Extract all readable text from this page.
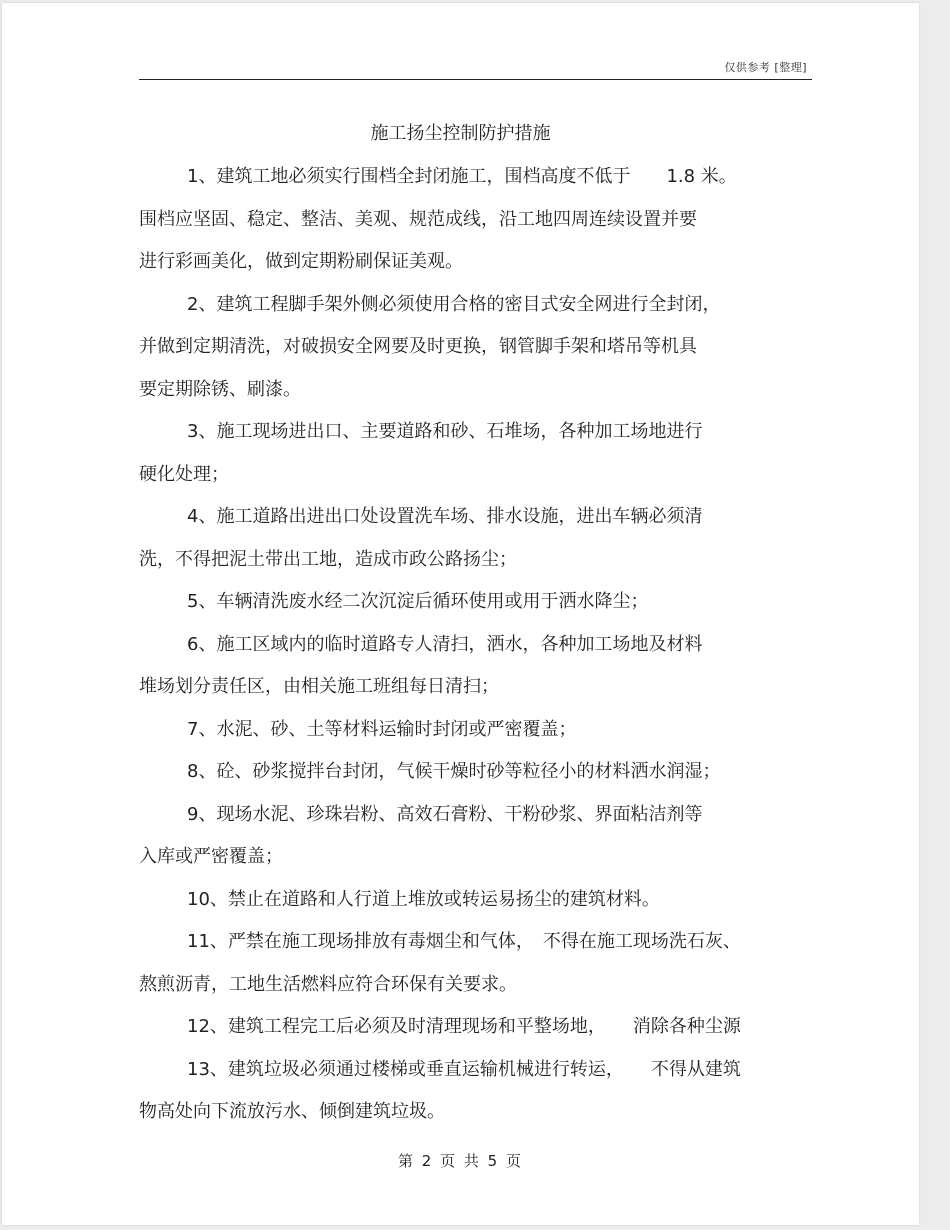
仅供参考 [整理]
施工扬尘控制防护措施
1、建筑工地必须实行围档全封闭施工，围档高度不低于　　1.8 米。
围档应坚固、稳定、整洁、美观、规范成线，沿工地四周连续设置并要
进行彩画美化，做到定期粉刷保证美观。
2、建筑工程脚手架外侧必须使用合格的密目式安全网进行全封闭，
并做到定期清洗，对破损安全网要及时更换，钢管脚手架和塔吊等机具
要定期除锈、刷漆。
3、施工现场进出口、主要道路和砂、石堆场，各种加工场地进行
硬化处理；
4、施工道路出进出口处设置洗车场、排水设施，进出车辆必须清
洗，不得把泥土带出工地，造成市政公路扬尘；
5、车辆清洗废水经二次沉淀后循环使用或用于洒水降尘；
6、施工区域内的临时道路专人清扫，洒水，各种加工场地及材料
堆场划分责任区，由相关施工班组每日清扫；
7、水泥、砂、土等材料运输时封闭或严密覆盖；
8、砼、砂浆搅拌台封闭，气候干燥时砂等粒径小的材料洒水润湿；
9、现场水泥、珍珠岩粉、高效石膏粉、干粉砂浆、界面粘洁剂等
入库或严密覆盖；
10、禁止在道路和人行道上堆放或转运易扬尘的建筑材料。
11、严禁在施工现场排放有毒烟尘和气体，　不得在施工现场洗石灰、
熬煎沥青，工地生活燃料应符合环保有关要求。
12、建筑工程完工后必须及时清理现场和平整场地，　　消除各种尘源
13、建筑垃圾必须通过楼梯或垂直运输机械进行转运，　　不得从建筑
物高处向下流放污水、倾倒建筑垃圾。
第 2 页 共 5 页
